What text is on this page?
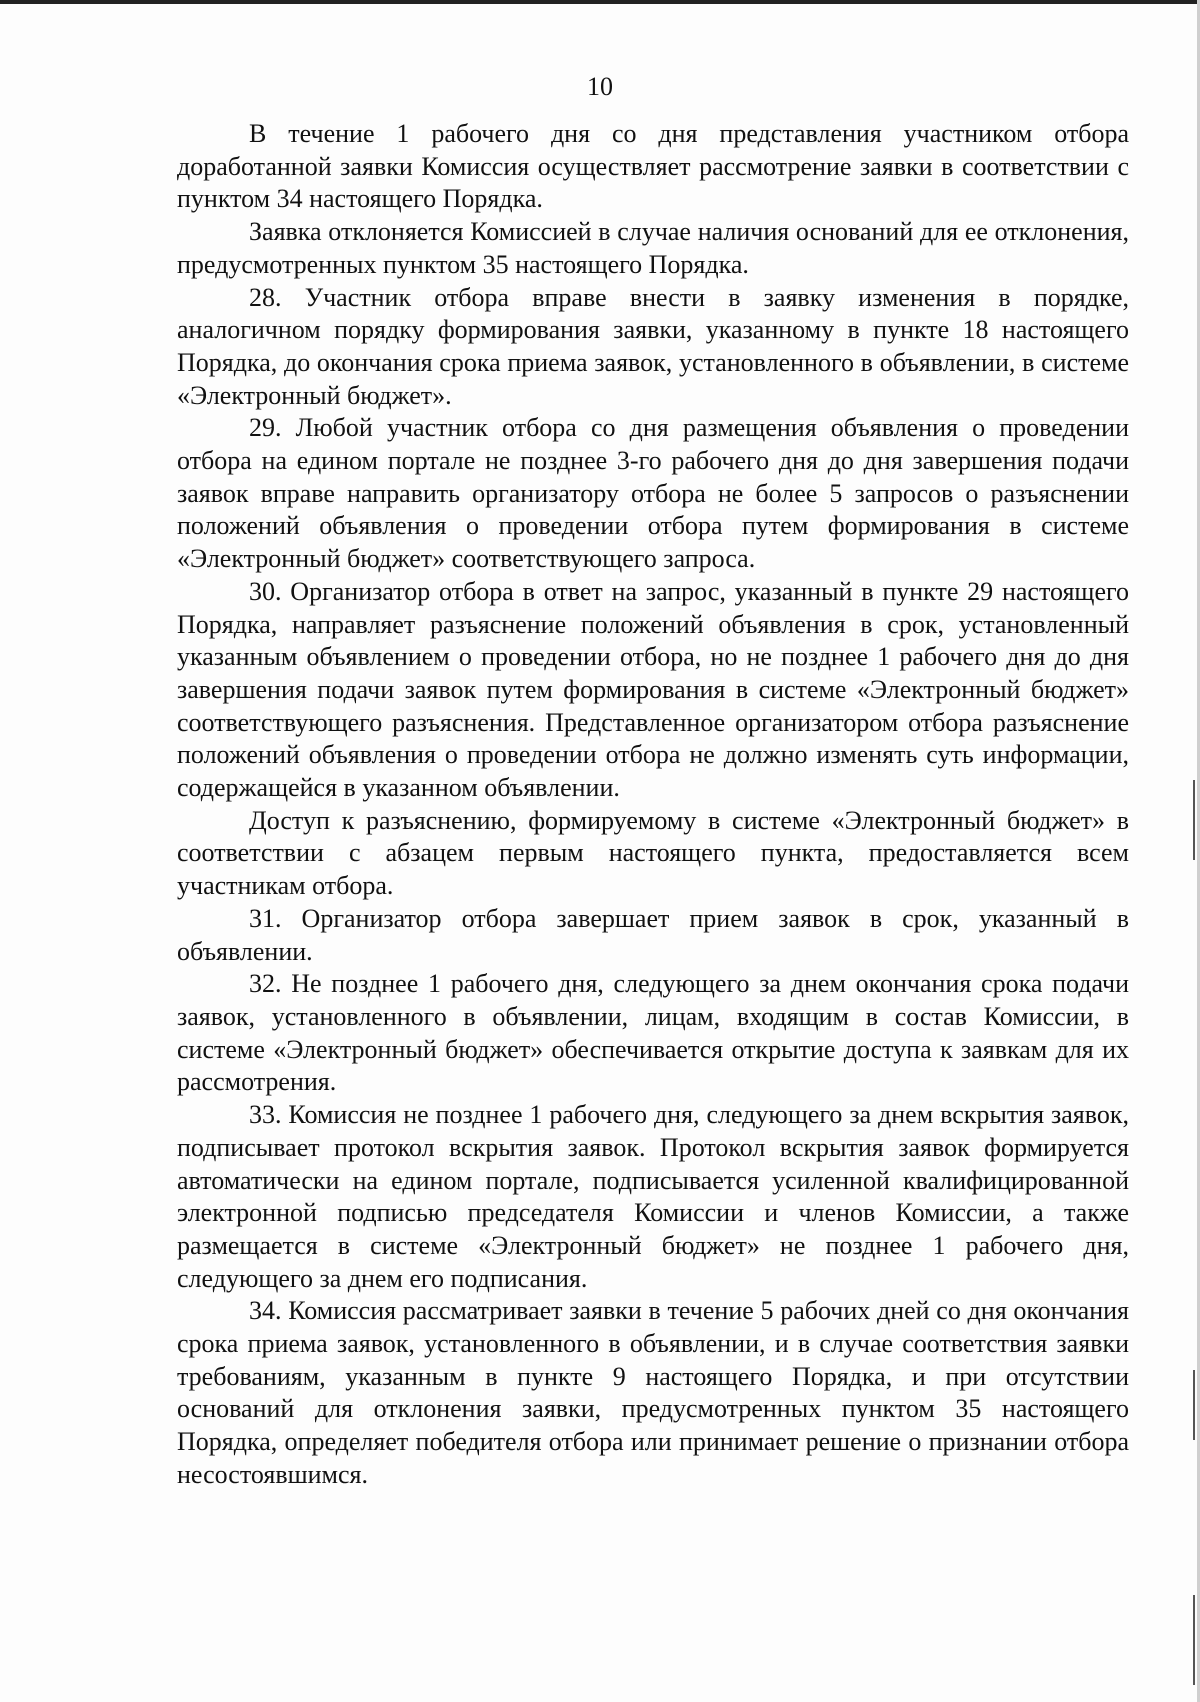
10

В течение 1 рабочего дня со дня представления участником отбора доработанной заявки Комиссия осуществляет рассмотрение заявки в соответствии с пунктом 34 настоящего Порядка.

Заявка отклоняется Комиссией в случае наличия оснований для ее отклонения, предусмотренных пунктом 35 настоящего Порядка.

28. Участник отбора вправе внести в заявку изменения в порядке, аналогичном порядку формирования заявки, указанному в пункте 18 настоящего Порядка, до окончания срока приема заявок, установленного в объявлении, в системе «Электронный бюджет».

29. Любой участник отбора со дня размещения объявления о проведении отбора на едином портале не позднее 3-го рабочего дня до дня завершения подачи заявок вправе направить организатору отбора не более 5 запросов о разъяснении положений объявления о проведении отбора путем формирования в системе «Электронный бюджет» соответствующего запроса.

30. Организатор отбора в ответ на запрос, указанный в пункте 29 настоящего Порядка, направляет разъяснение положений объявления в срок, установленный указанным объявлением о проведении отбора, но не позднее 1 рабочего дня до дня завершения подачи заявок путем формирования в системе «Электронный бюджет» соответствующего разъяснения. Представленное организатором отбора разъяснение положений объявления о проведении отбора не должно изменять суть информации, содержащейся в указанном объявлении.

Доступ к разъяснению, формируемому в системе «Электронный бюджет» в соответствии с абзацем первым настоящего пункта, предоставляется всем участникам отбора.

31. Организатор отбора завершает прием заявок в срок, указанный в объявлении.

32. Не позднее 1 рабочего дня, следующего за днем окончания срока подачи заявок, установленного в объявлении, лицам, входящим в состав Комиссии, в системе «Электронный бюджет» обеспечивается открытие доступа к заявкам для их рассмотрения.

33. Комиссия не позднее 1 рабочего дня, следующего за днем вскрытия заявок, подписывает протокол вскрытия заявок. Протокол вскрытия заявок формируется автоматически на едином портале, подписывается усиленной квалифицированной электронной подписью председателя Комиссии и членов Комиссии, а также размещается в системе «Электронный бюджет» не позднее 1 рабочего дня, следующего за днем его подписания.

34. Комиссия рассматривает заявки в течение 5 рабочих дней со дня окончания срока приема заявок, установленного в объявлении, и в случае соответствия заявки требованиям, указанным в пункте 9 настоящего Порядка, и при отсутствии оснований для отклонения заявки, предусмотренных пунктом 35 настоящего Порядка, определяет победителя отбора или принимает решение о признании отбора несостоявшимся.
